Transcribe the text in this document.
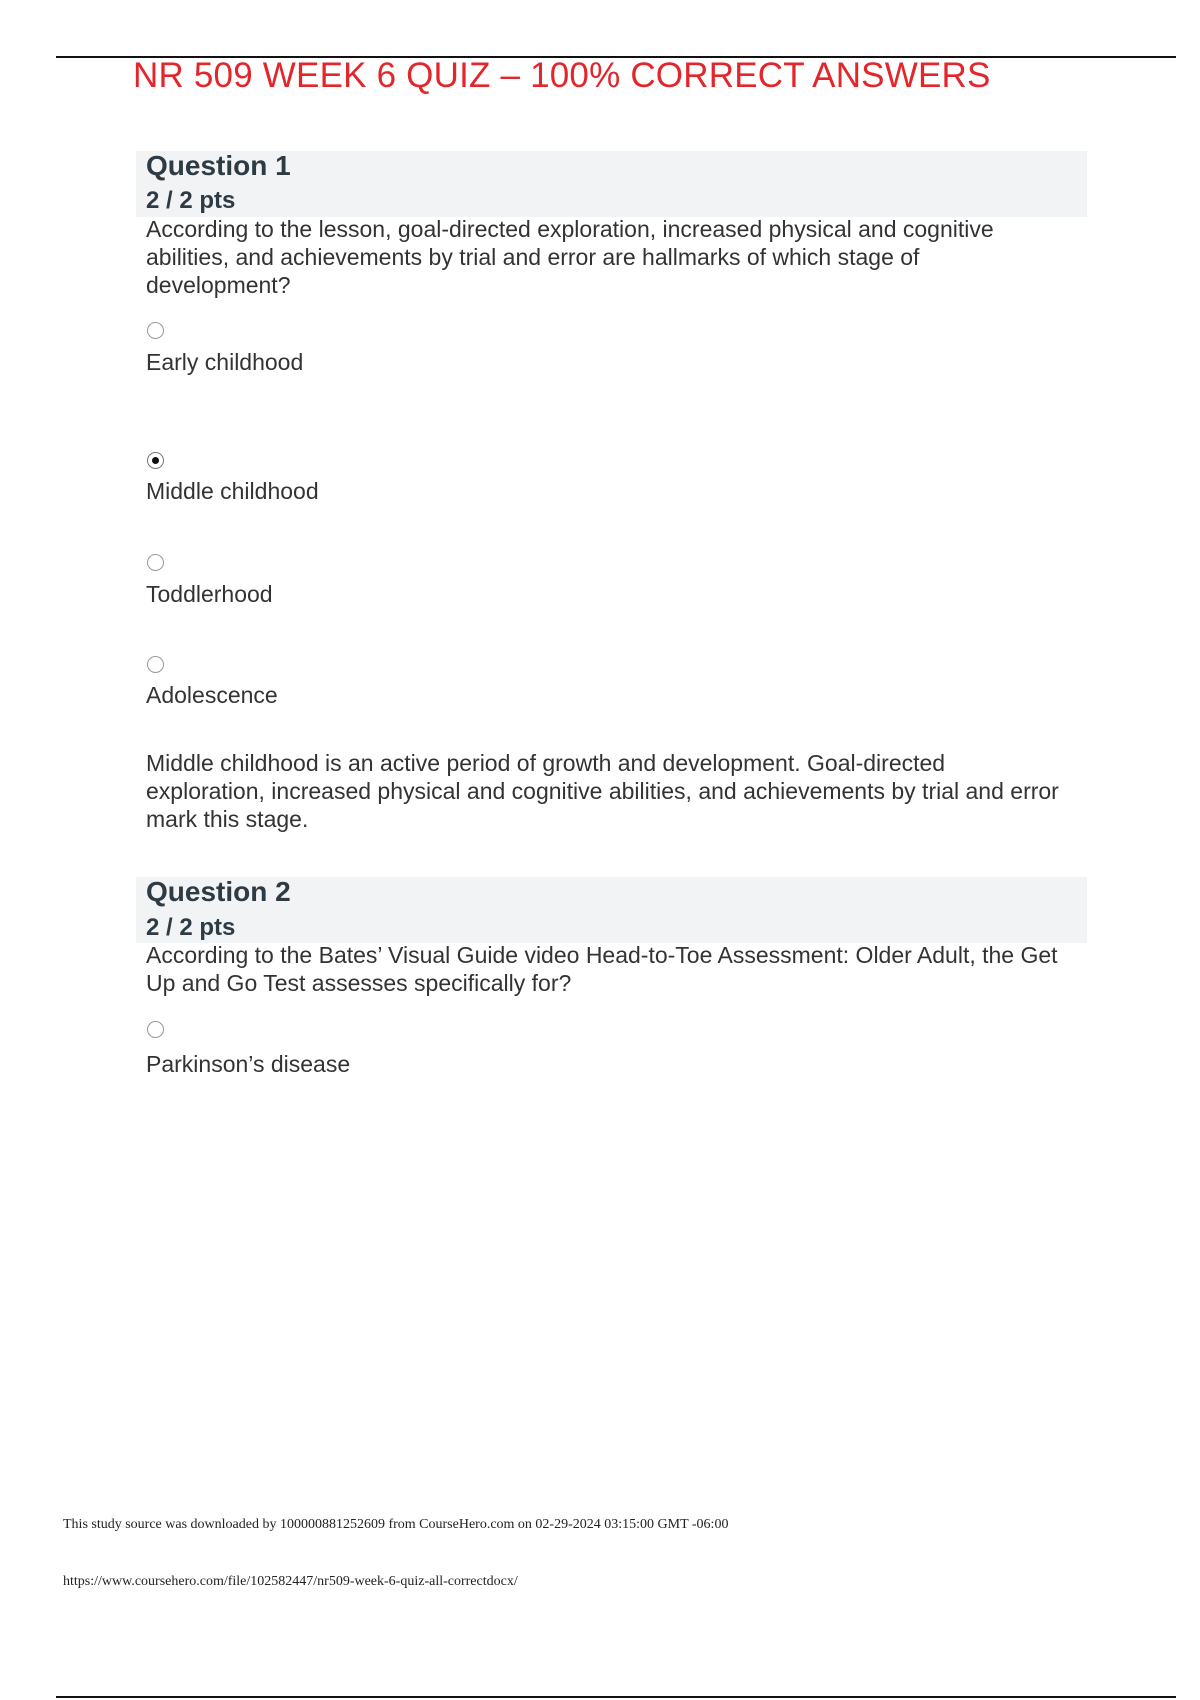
NR 509 WEEK 6 QUIZ – 100% CORRECT ANSWERS
Question 1
2 / 2 pts
According to the lesson, goal-directed exploration, increased physical and cognitive abilities, and achievements by trial and error are hallmarks of which stage of development?
Early childhood
Middle childhood
Toddlerhood
Adolescence
Middle childhood is an active period of growth and development. Goal-directed exploration, increased physical and cognitive abilities, and achievements by trial and error mark this stage.
Question 2
2 / 2 pts
According to the Bates’ Visual Guide video Head-to-Toe Assessment: Older Adult, the Get Up and Go Test assesses specifically for?
Parkinson’s disease
This study source was downloaded by 100000881252609 from CourseHero.com on 02-29-2024 03:15:00 GMT -06:00
https://www.coursehero.com/file/102582447/nr509-week-6-quiz-all-correctdocx/
